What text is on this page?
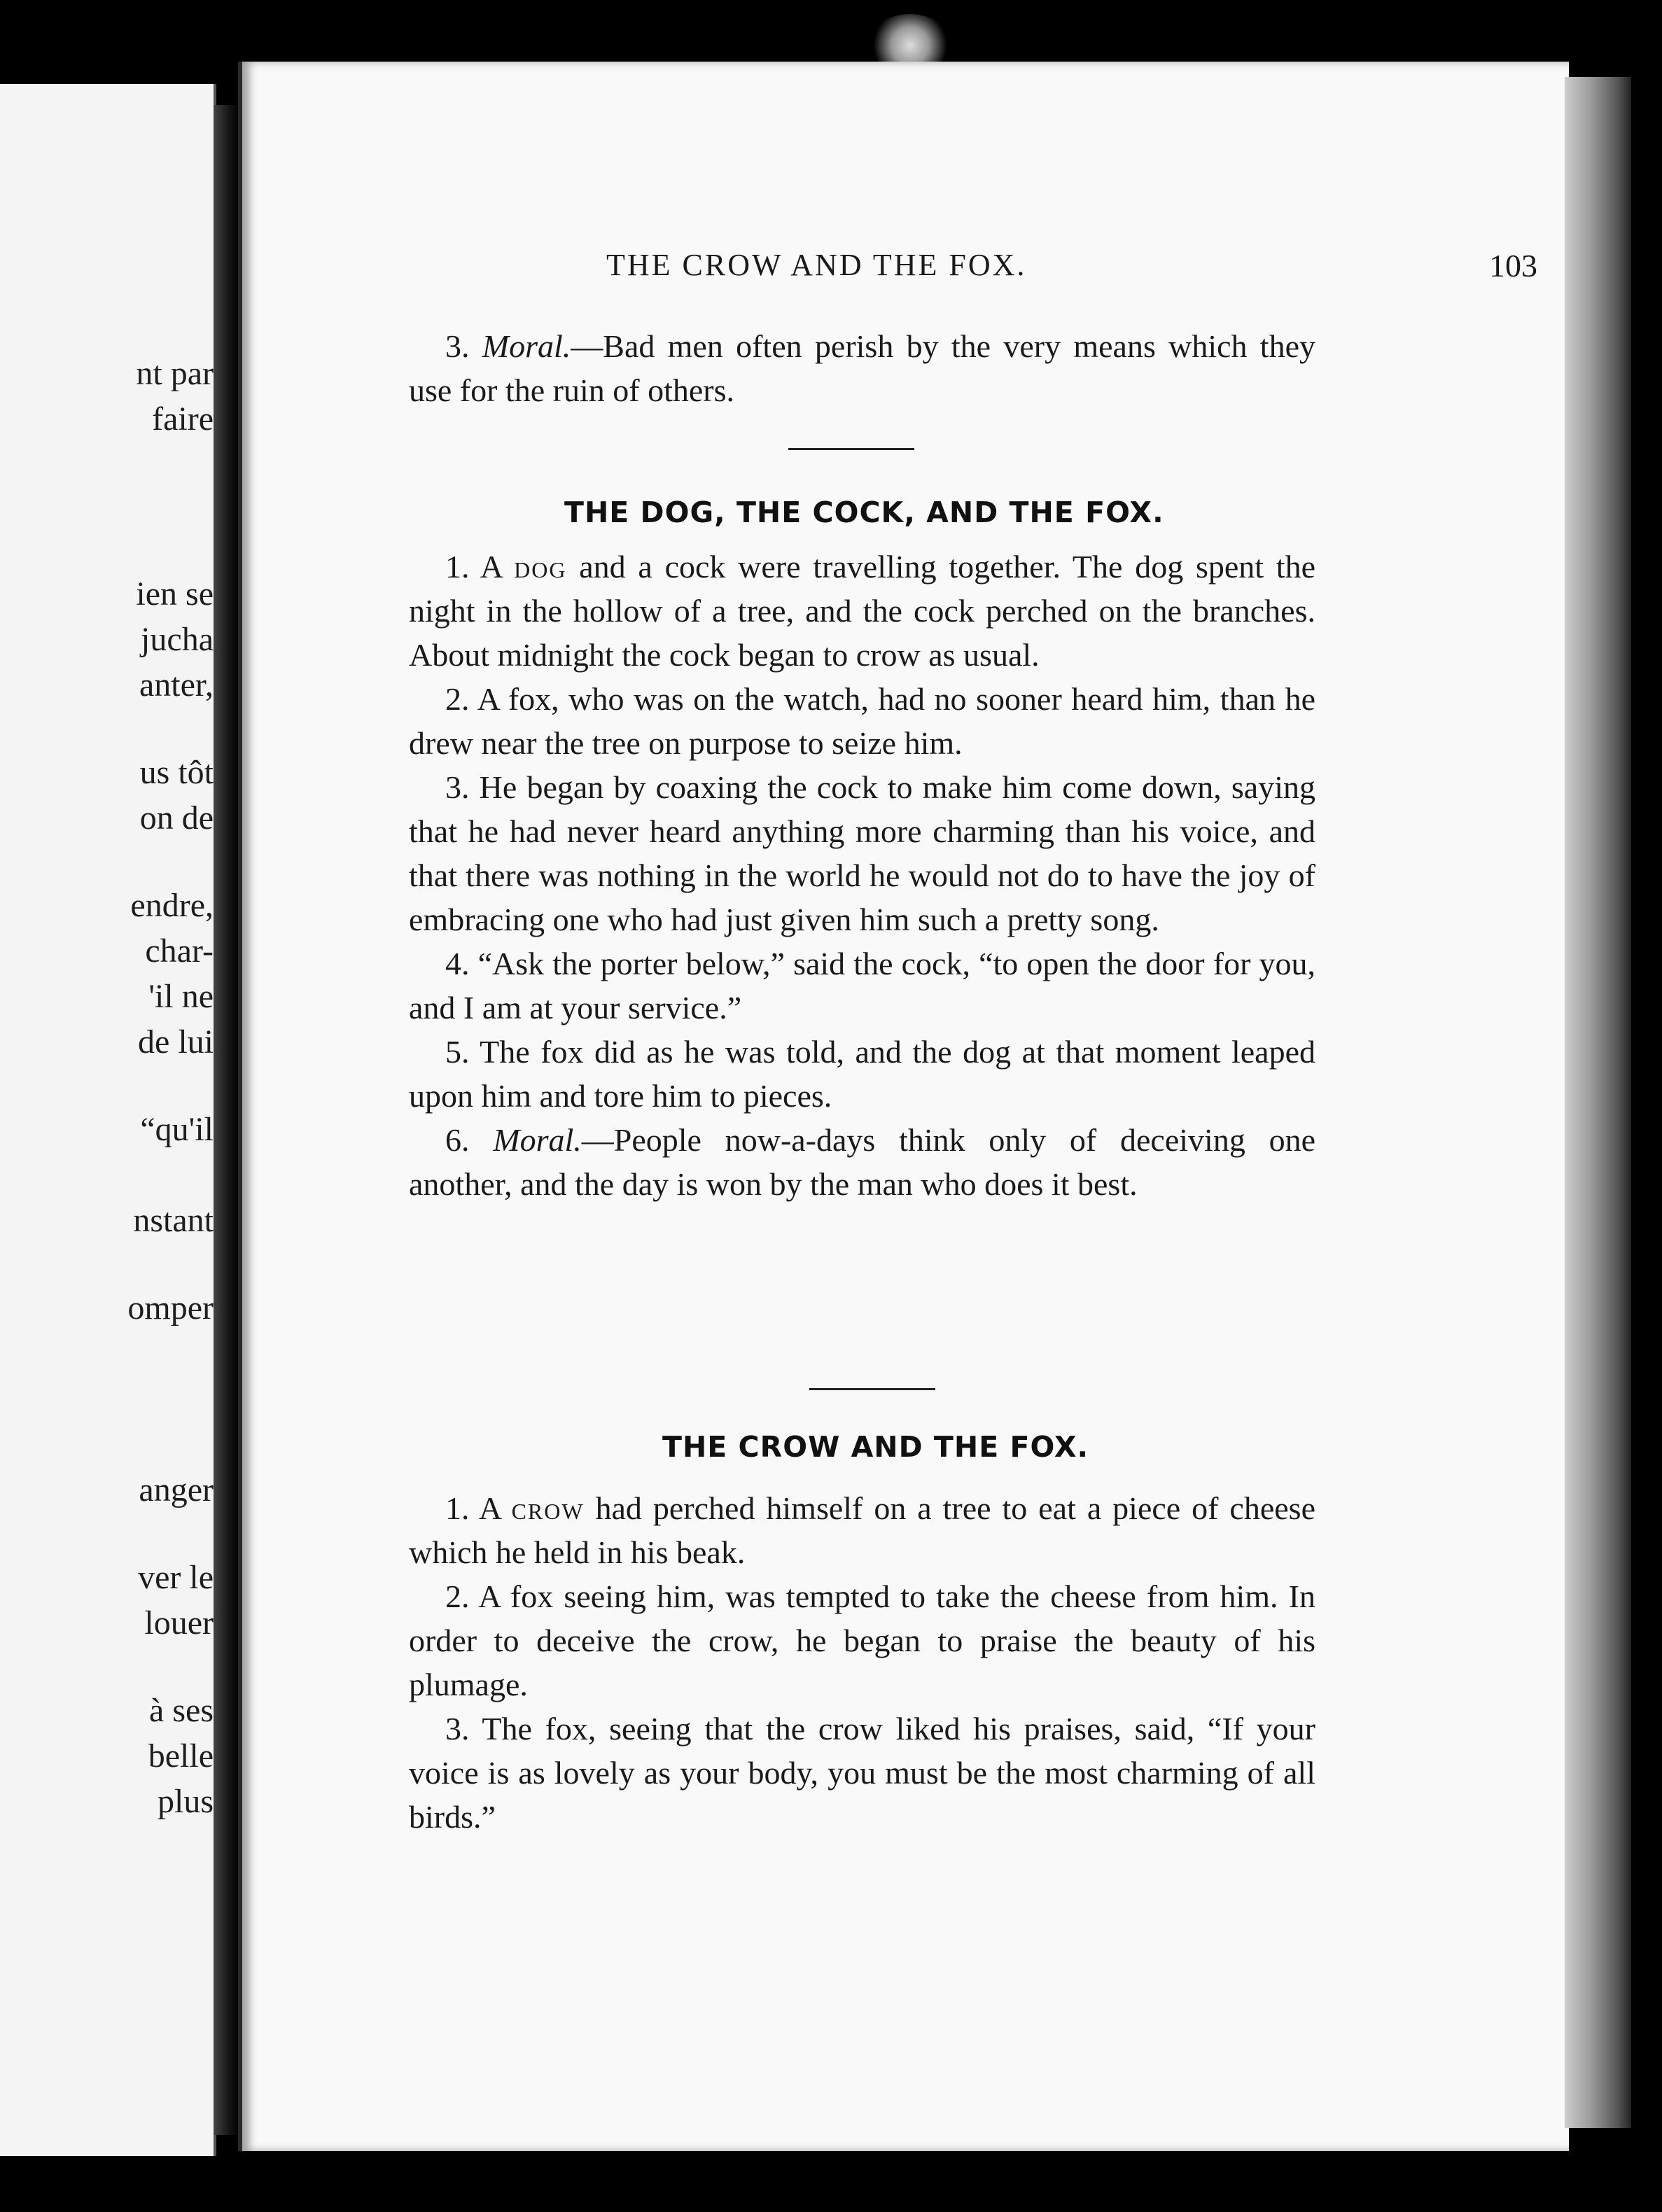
nt par
faire
ien se
jucha
anter,
us tôt
on de
endre,
char-
'il ne
de lui
“qu'il
nstant
omper
anger
ver le
louer
à ses
belle
plus
THE CROW AND THE FOX.	103

3. Moral.—Bad men often perish by the very means which they use for the ruin of others.

THE DOG, THE COCK, AND THE FOX.

1. A dog and a cock were travelling together. The dog spent the night in the hollow of a tree, and the cock perched on the branches. About midnight the cock began to crow as usual.

2. A fox, who was on the watch, had no sooner heard him, than he drew near the tree on purpose to seize him.

3. He began by coaxing the cock to make him come down, saying that he had never heard anything more charming than his voice, and that there was nothing in the world he would not do to have the joy of embracing one who had just given him such a pretty song.

4. “Ask the porter below,” said the cock, “to open the door for you, and I am at your service.”

5. The fox did as he was told, and the dog at that moment leaped upon him and tore him to pieces.

6. Moral.—People now-a-days think only of deceiving one another, and the day is won by the man who does it best.

THE CROW AND THE FOX.

1. A crow had perched himself on a tree to eat a piece of cheese which he held in his beak.

2. A fox seeing him, was tempted to take the cheese from him. In order to deceive the crow, he began to praise the beauty of his plumage.

3. The fox, seeing that the crow liked his praises, said, “If your voice is as lovely as your body, you must be the most charming of all birds.”
